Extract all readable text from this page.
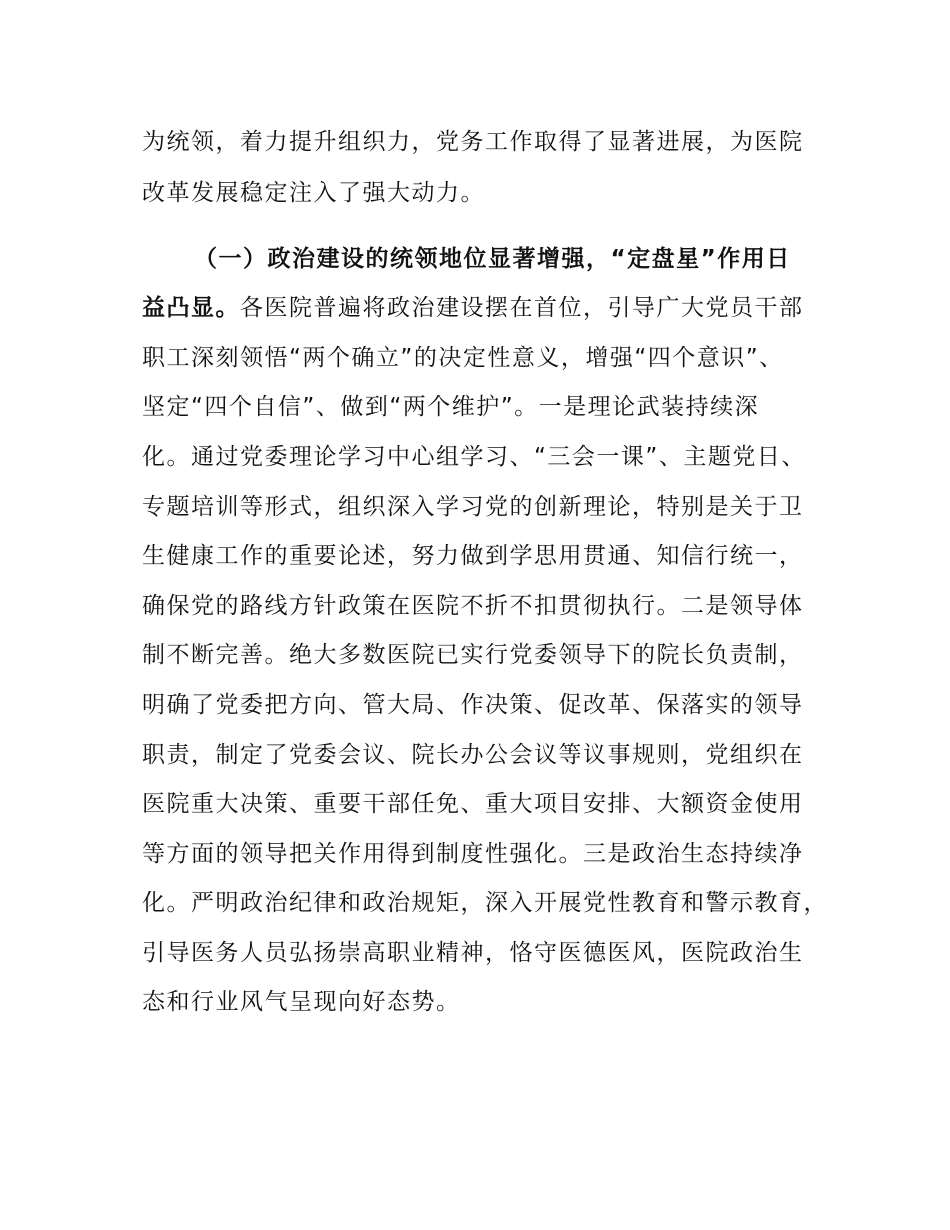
为统领，着力提升组织力，党务工作取得了显著进展，为医院
改革发展稳定注入了强大动力。
（一）政治建设的统领地位显著增强，“定盘星”作用日
益凸显。各医院普遍将政治建设摆在首位，引导广大党员干部
职工深刻领悟“两个确立”的决定性意义，增强“四个意识”、
坚定“四个自信”、做到“两个维护”。一是理论武装持续深
化。通过党委理论学习中心组学习、“三会一课”、主题党日、
专题培训等形式，组织深入学习党的创新理论，特别是关于卫
生健康工作的重要论述，努力做到学思用贯通、知信行统一，
确保党的路线方针政策在医院不折不扣贯彻执行。二是领导体
制不断完善。绝大多数医院已实行党委领导下的院长负责制，
明确了党委把方向、管大局、作决策、促改革、保落实的领导
职责，制定了党委会议、院长办公会议等议事规则，党组织在
医院重大决策、重要干部任免、重大项目安排、大额资金使用
等方面的领导把关作用得到制度性强化。三是政治生态持续净
化。严明政治纪律和政治规矩，深入开展党性教育和警示教育，
引导医务人员弘扬崇高职业精神，恪守医德医风，医院政治生
态和行业风气呈现向好态势。
